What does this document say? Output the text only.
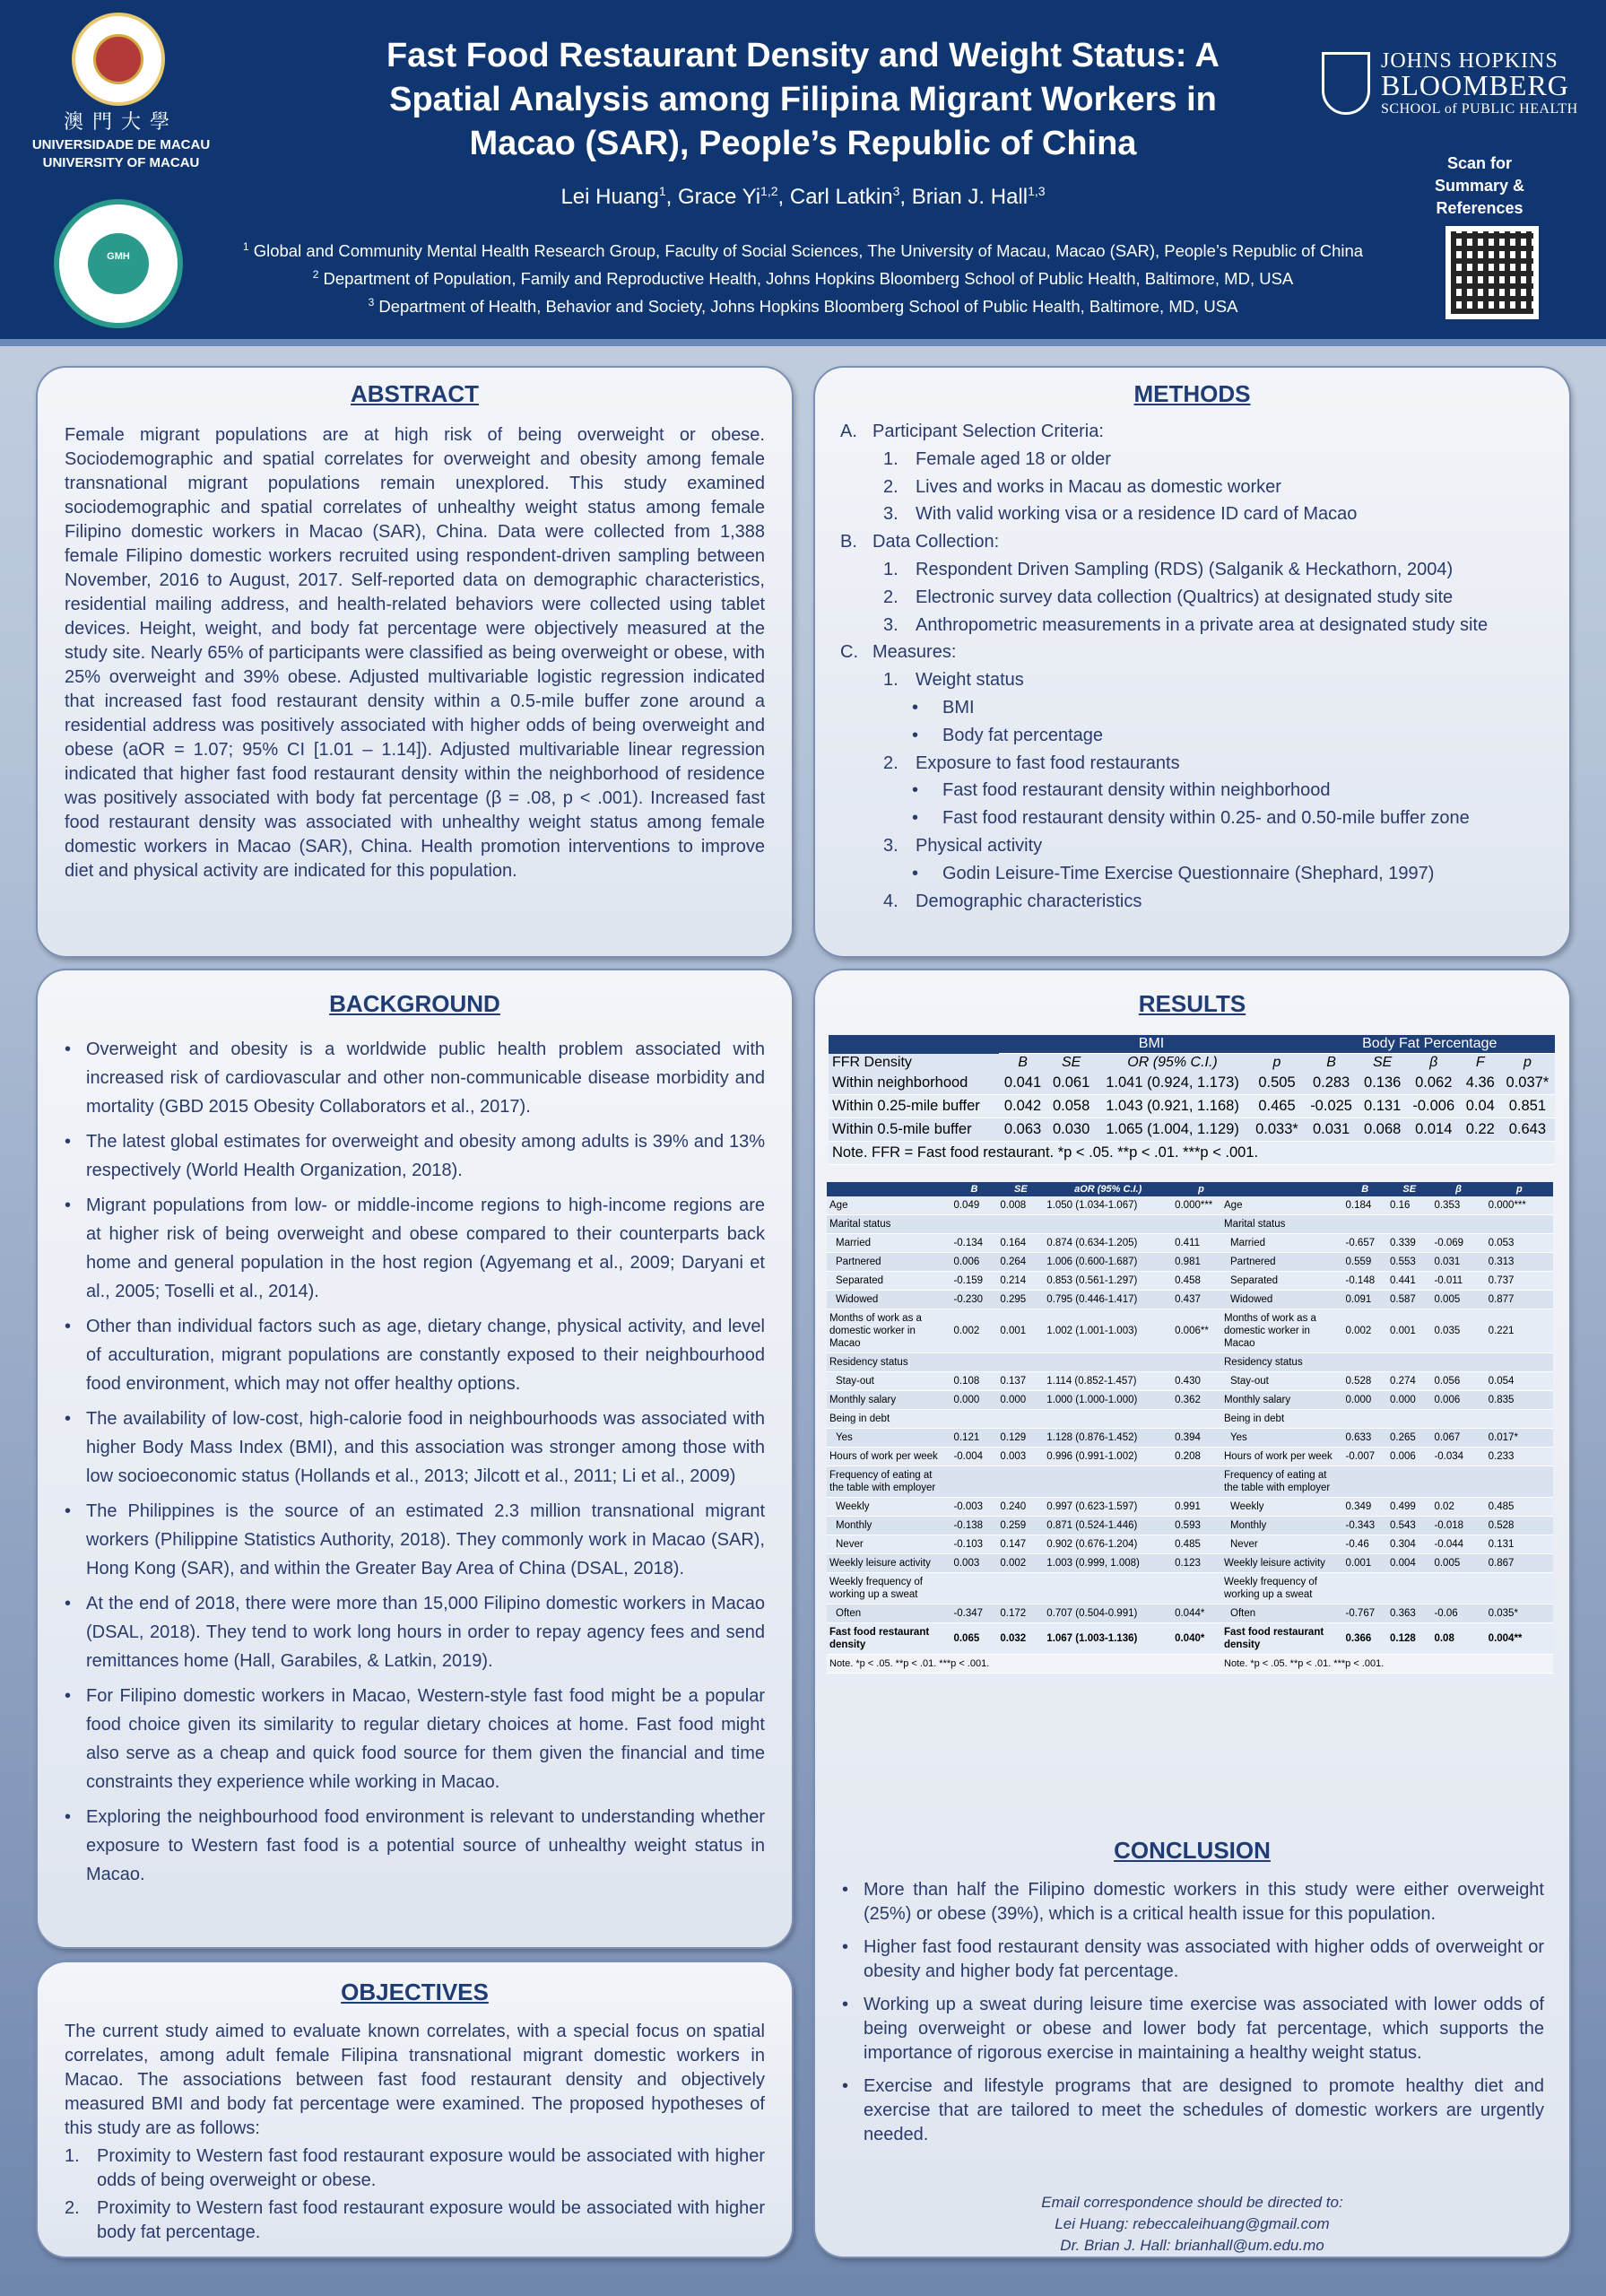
澳門大學
UNIVERSIDADE DE MACAU
UNIVERSITY OF MACAU
GMH
Fast Food Restaurant Density and Weight Status: A
Spatial Analysis among Filipina Migrant Workers in
Macao (SAR), People’s Republic of China
Lei Huang$^1$, Grace Yi$^{1,2}$, Carl Latkin$^3$, Brian J. Hall$^{1,3}$
$^1$ Global and Community Mental Health Research Group, Faculty of Social Sciences, The University of Macau, Macao (SAR), People’s Republic of China
$^2$ Department of Population, Family and Reproductive Health, Johns Hopkins Bloomberg School of Public Health, Baltimore, MD, USA
$^3$ Department of Health, Behavior and Society, Johns Hopkins Bloomberg School of Public Health, Baltimore, MD, USA
JOHNS HOPKINS
BLOOMBERG
SCHOOL of PUBLIC HEALTH
Scan for
Summary &
References
ABSTRACT
Female migrant populations are at high risk of being overweight or obese. Sociodemographic and spatial correlates for overweight and obesity among female transnational migrant populations remain unexplored. This study examined sociodemographic and spatial correlates of unhealthy weight status among female Filipino domestic workers in Macao (SAR), China. Data were collected from 1,388 female Filipino domestic workers recruited using respondent-driven sampling between November, 2016 to August, 2017. Self-reported data on demographic characteristics, residential mailing address, and health-related behaviors were collected using tablet devices. Height, weight, and body fat percentage were objectively measured at the study site. Nearly 65% of participants were classified as being overweight or obese, with 25% overweight and 39% obese. Adjusted multivariable logistic regression indicated that increased fast food restaurant density within a 0.5-mile buffer zone around a residential address was positively associated with higher odds of being overweight and obese (aOR = 1.07; 95% CI [1.01 – 1.14]). Adjusted multivariable linear regression indicated that higher fast food restaurant density within the neighborhood of residence was positively associated with body fat percentage (β = .08, p < .001). Increased fast food restaurant density was associated with unhealthy weight status among female domestic workers in Macao (SAR), China. Health promotion interventions to improve diet and physical activity are indicated for this population.
METHODS
A. Participant Selection Criteria:
1. Female aged 18 or older
2. Lives and works in Macau as domestic worker
3. With valid working visa or a residence ID card of Macao
B. Data Collection:
1. Respondent Driven Sampling (RDS) (Salganik & Heckathorn, 2004)
2. Electronic survey data collection (Qualtrics) at designated study site
3. Anthropometric measurements in a private area at designated study site
C. Measures:
1. Weight status
• BMI
• Body fat percentage
2. Exposure to fast food restaurants
• Fast food restaurant density within neighborhood
• Fast food restaurant density within 0.25- and 0.50-mile buffer zone
3. Physical activity
• Godin Leisure-Time Exercise Questionnaire (Shephard, 1997)
4. Demographic characteristics
BACKGROUND
• Overweight and obesity is a worldwide public health problem associated with increased risk of cardiovascular and other non-communicable disease morbidity and mortality (GBD 2015 Obesity Collaborators et al., 2017).
• The latest global estimates for overweight and obesity among adults is 39% and 13% respectively (World Health Organization, 2018).
• Migrant populations from low- or middle-income regions to high-income regions are at higher risk of being overweight and obese compared to their counterparts back home and general population in the host region (Agyemang et al., 2009; Daryani et al., 2005; Toselli et al., 2014).
• Other than individual factors such as age, dietary change, physical activity, and level of acculturation, migrant populations are constantly exposed to their neighbourhood food environment, which may not offer healthy options.
• The availability of low-cost, high-calorie food in neighbourhoods was associated with higher Body Mass Index (BMI), and this association was stronger among those with low socioeconomic status (Hollands et al., 2013; Jilcott et al., 2011; Li et al., 2009)
• The Philippines is the source of an estimated 2.3 million transnational migrant workers (Philippine Statistics Authority, 2018). They commonly work in Macao (SAR), Hong Kong (SAR), and within the Greater Bay Area of China (DSAL, 2018).
• At the end of 2018, there were more than 15,000 Filipino domestic workers in Macao (DSAL, 2018). They tend to work long hours in order to repay agency fees and send remittances home (Hall, Garabiles, & Latkin, 2019).
• For Filipino domestic workers in Macao, Western-style fast food might be a popular food choice given its similarity to regular dietary choices at home. Fast food might also serve as a cheap and quick food source for them given the financial and time constraints they experience while working in Macao.
• Exploring the neighbourhood food environment is relevant to understanding whether exposure to Western fast food is a potential source of unhealthy weight status in Macao.
OBJECTIVES
The current study aimed to evaluate known correlates, with a special focus on spatial correlates, among adult female Filipina transnational migrant domestic workers in Macao. The associations between fast food restaurant density and objectively measured BMI and body fat percentage were examined. The proposed hypotheses of this study are as follows:
1. Proximity to Western fast food restaurant exposure would be associated with higher odds of being overweight or obese.
2. Proximity to Western fast food restaurant exposure would be associated with higher body fat percentage.
RESULTS
CONCLUSION
• More than half the Filipino domestic workers in this study were either overweight (25%) or obese (39%), which is a critical health issue for this population.
• Higher fast food restaurant density was associated with higher odds of overweight or obesity and higher body fat percentage.
• Working up a sweat during leisure time exercise was associated with lower odds of being overweight or obese and lower body fat percentage, which supports the importance of rigorous exercise in maintaining a healthy weight status.
• Exercise and lifestyle programs that are designed to promote healthy diet and exercise that are tailored to meet the schedules of domestic workers are urgently needed.
Email correspondence should be directed to:
Lei Huang: rebeccaleihuang@gmail.com
Dr. Brian J. Hall: brianhall@um.edu.mo
	BMI				Body Fat Percentage				
FFR Density	B	SE	OR (95% C.I.)	p	B	SE	β	F	p
Within neighborhood	0.041	0.061	1.041 (0.924, 1.173)	0.505	0.283	0.136	0.062	4.36	0.037*
Within 0.25-mile buffer	0.042	0.058	1.043 (0.921, 1.168)	0.465	-0.025	0.131	-0.006	0.04	0.851
Within 0.5-mile buffer	0.063	0.030	1.065 (1.004, 1.129)	0.033*	0.031	0.068	0.014	0.22	0.643
Note. FFR = Fast food restaurant. *p < .05. **p < .01. ***p < .001.									
	B	SE	aOR (95% C.I.)	p
Age	0.049	0.008	1.050 (1.034-1.067)	0.000***
Marital status				
Married	-0.134	0.164	0.874 (0.634-1.205)	0.411
Partnered	0.006	0.264	1.006 (0.600-1.687)	0.981
Separated	-0.159	0.214	0.853 (0.561-1.297)	0.458
Widowed	-0.230	0.295	0.795 (0.446-1.417)	0.437
Months of work as a domestic worker in Macao	0.002	0.001	1.002 (1.001-1.003)	0.006**
Residency status				
Stay-out	0.108	0.137	1.114 (0.852-1.457)	0.430
Monthly salary	0.000	0.000	1.000 (1.000-1.000)	0.362
Being in debt				
Yes	0.121	0.129	1.128 (0.876-1.452)	0.394
Hours of work per week	-0.004	0.003	0.996 (0.991-1.002)	0.208
Frequency of eating at the table with employer				
Weekly	-0.003	0.240	0.997 (0.623-1.597)	0.991
Monthly	-0.138	0.259	0.871 (0.524-1.446)	0.593
Never	-0.103	0.147	0.902 (0.676-1.204)	0.485
Weekly leisure activity	0.003	0.002	1.003 (0.999, 1.008)	0.123
Weekly frequency of working up a sweat				
Often	-0.347	0.172	0.707 (0.504-0.991)	0.044*
Fast food restaurant density	0.065	0.032	1.067 (1.003-1.136)	0.040*
Note. *p < .05. **p < .01. ***p < .001.				
	B	SE	β	p
Age	0.184	0.16	0.353	0.000***
Marital status				
Married	-0.657	0.339	-0.069	0.053
Partnered	0.559	0.553	0.031	0.313
Separated	-0.148	0.441	-0.011	0.737
Widowed	0.091	0.587	0.005	0.877
Months of work as a domestic worker in Macao	0.002	0.001	0.035	0.221
Residency status				
Stay-out	0.528	0.274	0.056	0.054
Monthly salary	0.000	0.000	0.006	0.835
Being in debt				
Yes	0.633	0.265	0.067	0.017*
Hours of work per week	-0.007	0.006	-0.034	0.233
Frequency of eating at the table with employer				
Weekly	0.349	0.499	0.02	0.485
Monthly	-0.343	0.543	-0.018	0.528
Never	-0.46	0.304	-0.044	0.131
Weekly leisure activity	0.001	0.004	0.005	0.867
Weekly frequency of working up a sweat				
Often	-0.767	0.363	-0.06	0.035*
Fast food restaurant density	0.366	0.128	0.08	0.004**
Note. *p < .05. **p < .01. ***p < .001.				
